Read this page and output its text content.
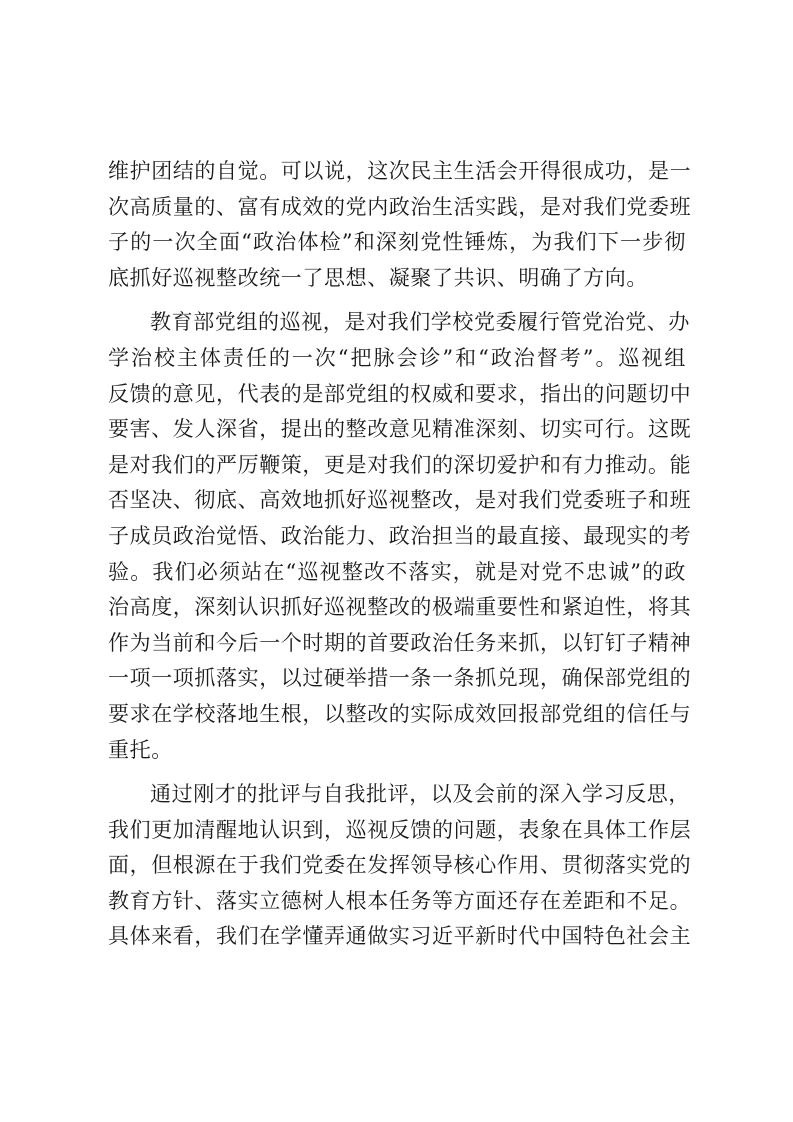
维护团结的自觉。可以说，这次民主生活会开得很成功，是一
次高质量的、富有成效的党内政治生活实践，是对我们党委班
子的一次全面“政治体检”和深刻党性锤炼，为我们下一步彻
底抓好巡视整改统一了思想、凝聚了共识、明确了方向。

教育部党组的巡视，是对我们学校党委履行管党治党、办
学治校主体责任的一次“把脉会诊”和“政治督考”。巡视组
反馈的意见，代表的是部党组的权威和要求，指出的问题切中
要害、发人深省，提出的整改意见精准深刻、切实可行。这既
是对我们的严厉鞭策，更是对我们的深切爱护和有力推动。能
否坚决、彻底、高效地抓好巡视整改，是对我们党委班子和班
子成员政治觉悟、政治能力、政治担当的最直接、最现实的考
验。我们必须站在“巡视整改不落实，就是对党不忠诚”的政
治高度，深刻认识抓好巡视整改的极端重要性和紧迫性，将其
作为当前和今后一个时期的首要政治任务来抓，以钉钉子精神
一项一项抓落实，以过硬举措一条一条抓兑现，确保部党组的
要求在学校落地生根，以整改的实际成效回报部党组的信任与
重托。

通过刚才的批评与自我批评，以及会前的深入学习反思，
我们更加清醒地认识到，巡视反馈的问题，表象在具体工作层
面，但根源在于我们党委在发挥领导核心作用、贯彻落实党的
教育方针、落实立德树人根本任务等方面还存在差距和不足。
具体来看，我们在学懂弄通做实习近平新时代中国特色社会主
